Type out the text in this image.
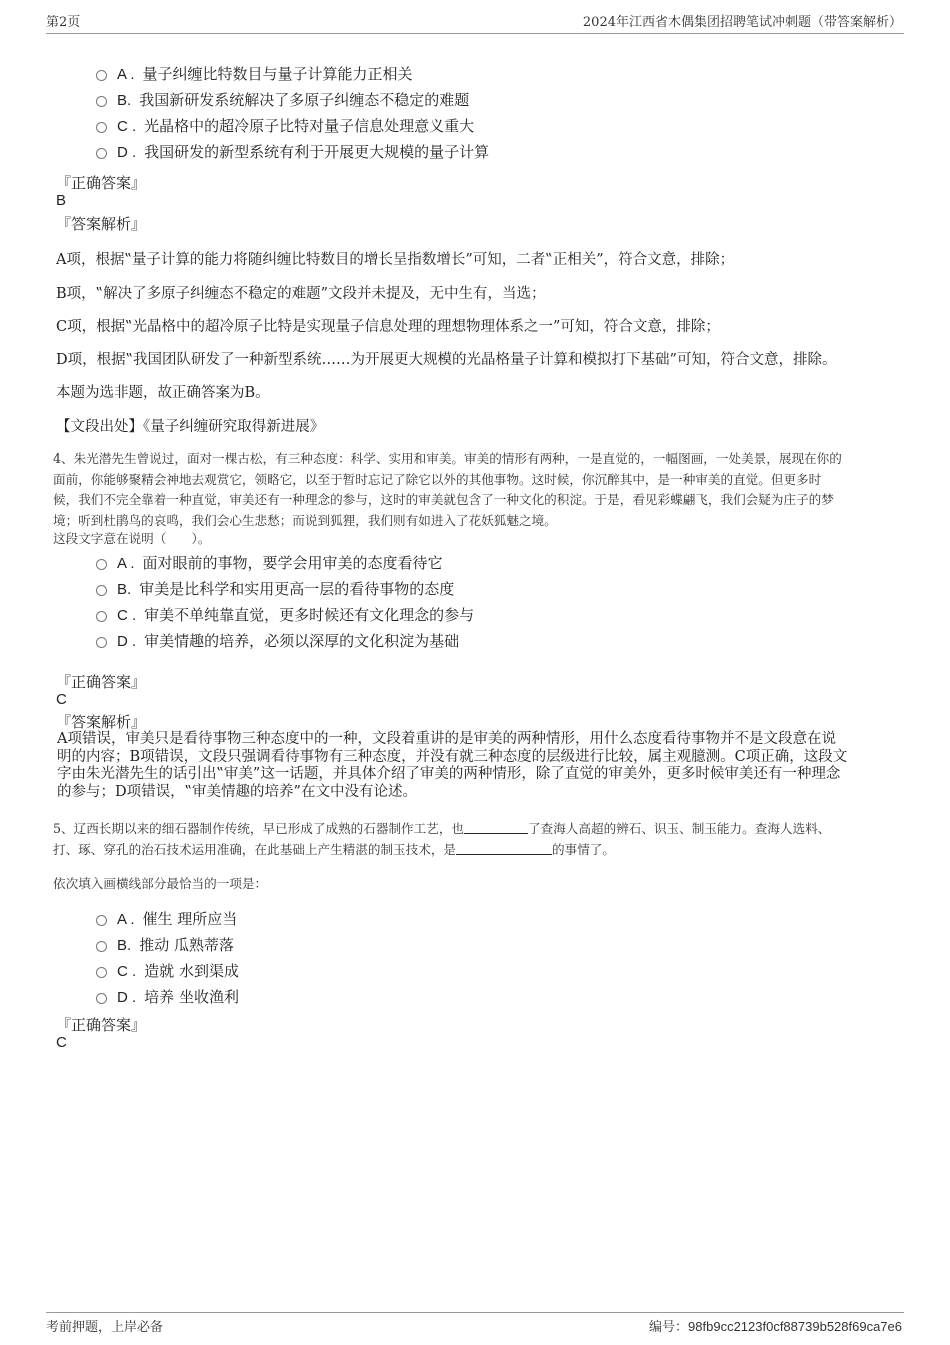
第2页	2024年江西省木偶集团招聘笔试冲刺题（带答案解析）
A . 量子纠缠比特数目与量子计算能力正相关
B. 我国新研发系统解决了多原子纠缠态不稳定的难题
C . 光晶格中的超冷原子比特对量子信息处理意义重大
D . 我国研发的新型系统有利于开展更大规模的量子计算
『正确答案』
B
『答案解析』
A项，根据‟量子计算的能力将随纠缠比特数目的增长呈指数增长”可知，二者‟正相关”，符合文意，排除；
B项，‟解决了多原子纠缠态不稳定的难题”文段并未提及，无中生有，当选；
C项，根据‟光晶格中的超冷原子比特是实现量子信息处理的理想物理体系之一”可知，符合文意，排除；
D项，根据‟我国团队研发了一种新型系统……为开展更大规模的光晶格量子计算和模拟打下基础”可知，符合文意，排除。
本题为选非题，故正确答案为B。
【文段出处】《量子纠缠研究取得新进展》
4、朱光潜先生曾说过，面对一棵古松，有三种态度：科学、实用和审美。审美的情形有两种，一是直觉的，一幅图画，一处美景，展现在你的
面前，你能够聚精会神地去观赏它，领略它，以至于暂时忘记了除它以外的其他事物。这时候，你沉醉其中，是一种审美的直觉。但更多时
候，我们不完全靠着一种直觉，审美还有一种理念的参与，这时的审美就包含了一种文化的积淀。于是，看见彩蝶翩飞，我们会疑为庄子的梦
境；听到杜鹃鸟的哀鸣，我们会心生悲愁；而说到狐狸，我们则有如进入了花妖狐魅之境。
这段文字意在说明（　　）。
A . 面对眼前的事物，要学会用审美的态度看待它
B. 审美是比科学和实用更高一层的看待事物的态度
C . 审美不单纯靠直觉，更多时候还有文化理念的参与
D . 审美情趣的培养，必须以深厚的文化积淀为基础
『正确答案』
C
『答案解析』
A项错误，审美只是看待事物三种态度中的一种，文段着重讲的是审美的两种情形，用什么态度看待事物并不是文段意在说
明的内容；B项错误，文段只强调看待事物有三种态度，并没有就三种态度的层级进行比较，属主观臆测。C项正确，这段文
字由朱光潜先生的话引出‟审美”这一话题，并具体介绍了审美的两种情形，除了直觉的审美外，更多时候审美还有一种理念
的参与；D项错误，‟审美情趣的培养”在文中没有论述。
5、辽西长期以来的细石器制作传统，早已形成了成熟的石器制作工艺，也	了查海人高超的辨石、识玉、制玉能力。查海人选料、
打、琢、穿孔的治石技术运用准确，在此基础上产生精湛的制玉技术，是	的事情了。
依次填入画横线部分最恰当的一项是：
A . 催生 理所应当
B. 推动 瓜熟蒂落
C . 造就 水到渠成
D . 培养 坐收渔利
『正确答案』
C
考前押题，上岸必备	编号：98fb9cc2123f0cf88739b528f69ca7e6
